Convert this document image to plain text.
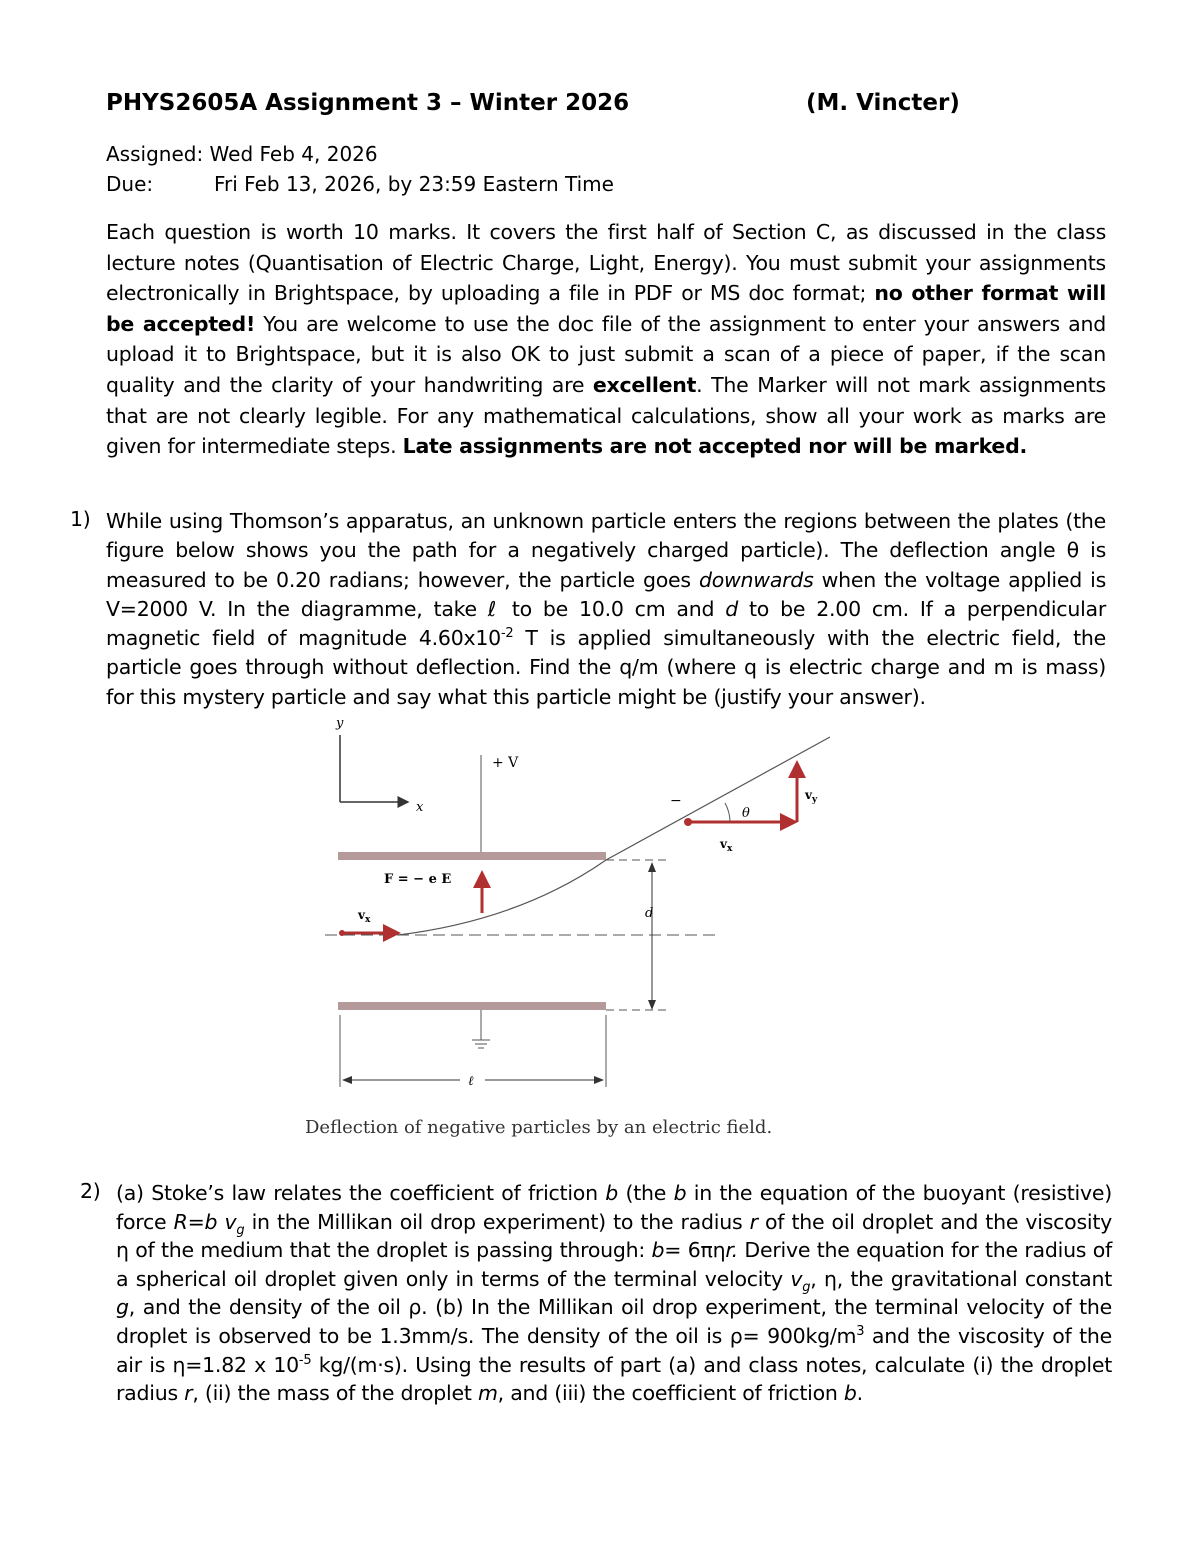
PHYS2605A Assignment 3 – Winter 2026	(M. Vincter)
Assigned: Wed Feb 4, 2026
Due:	Fri Feb 13, 2026, by 23:59 Eastern Time
Each question is worth 10 marks. It covers the first half of Section C, as discussed in the class lecture notes (Quantisation of Electric Charge, Light, Energy). You must submit your assignments electronically in Brightspace, by uploading a file in PDF or MS doc format; no other format will be accepted! You are welcome to use the doc file of the assignment to enter your answers and upload it to Brightspace, but it is also OK to just submit a scan of a piece of paper, if the scan quality and the clarity of your handwriting are excellent. The Marker will not mark assignments that are not clearly legible. For any mathematical calculations, show all your work as marks are given for intermediate steps. Late assignments are not accepted nor will be marked.
1) While using Thomson’s apparatus, an unknown particle enters the regions between the plates (the figure below shows you the path for a negatively charged particle). The deflection angle θ is measured to be 0.20 radians; however, the particle goes downwards when the voltage applied is V=2000 V. In the diagramme, take ℓ to be 10.0 cm and d to be 2.00 cm. If a perpendicular magnetic field of magnitude $4.60x10^{-2}$ T is applied simultaneously with the electric field, the particle goes through without deflection. Find the q/m (where q is electric charge and m is mass) for this mystery particle and say what this particle might be (justify your answer).
y
x
+ V
d
$v_x$
F = − e E
−
θ
$v_y$
$v_x$
ℓ
Deflection of negative particles by an electric field.
2) (a) Stoke’s law relates the coefficient of friction b (the b in the equation of the buoyant (resistive) force R=b $v_g$ in the Millikan oil drop experiment) to the radius r of the oil droplet and the viscosity η of the medium that the droplet is passing through: b= 6πηr. Derive the equation for the radius of a spherical oil droplet given only in terms of the terminal velocity $v_g$, η, the gravitational constant g, and the density of the oil ρ. (b) In the Millikan oil drop experiment, the terminal velocity of the droplet is observed to be 1.3mm/s. The density of the oil is $\rho= 900kg/m^3$ and the viscosity of the air is η=1.82 x $10^{-5}$ kg/(m·s). Using the results of part (a) and class notes, calculate (i) the droplet radius r, (ii) the mass of the droplet m, and (iii) the coefficient of friction b.
